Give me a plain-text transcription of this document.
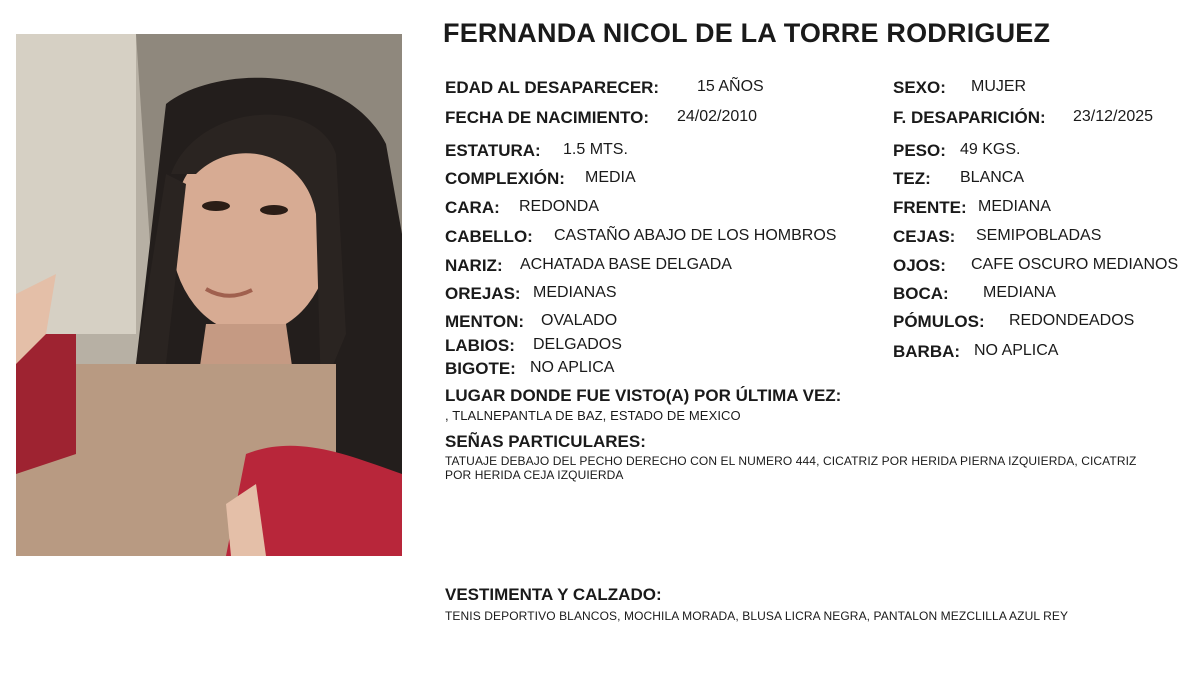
FERNANDA NICOL DE LA TORRE RODRIGUEZ
EDAD AL DESAPARECER: 15 AÑOS
FECHA DE NACIMIENTO: 24/02/2010
ESTATURA: 1.5 MTS.
COMPLEXIÓN: MEDIA
CARA: REDONDA
CABELLO: CASTAÑO ABAJO DE LOS HOMBROS
NARIZ: ACHATADA BASE DELGADA
OREJAS: MEDIANAS
MENTON: OVALADO
LABIOS: DELGADOS
BIGOTE: NO APLICA
SEXO: MUJER
F. DESAPARICIÓN: 23/12/2025
PESO: 49 KGS.
TEZ: BLANCA
FRENTE: MEDIANA
CEJAS: SEMIPOBLADAS
OJOS: CAFE OSCURO MEDIANOS
BOCA: MEDIANA
PÓMULOS: REDONDEADOS
BARBA: NO APLICA
LUGAR DONDE FUE VISTO(A) POR ÚLTIMA VEZ:
, TLALNEPANTLA DE BAZ, ESTADO DE MEXICO
SEÑAS PARTICULARES:
TATUAJE DEBAJO DEL PECHO DERECHO CON EL NUMERO 444, CICATRIZ POR HERIDA PIERNA IZQUIERDA, CICATRIZ
POR HERIDA CEJA IZQUIERDA
VESTIMENTA Y CALZADO:
TENIS DEPORTIVO BLANCOS, MOCHILA MORADA, BLUSA LICRA NEGRA, PANTALON MEZCLILLA AZUL REY
